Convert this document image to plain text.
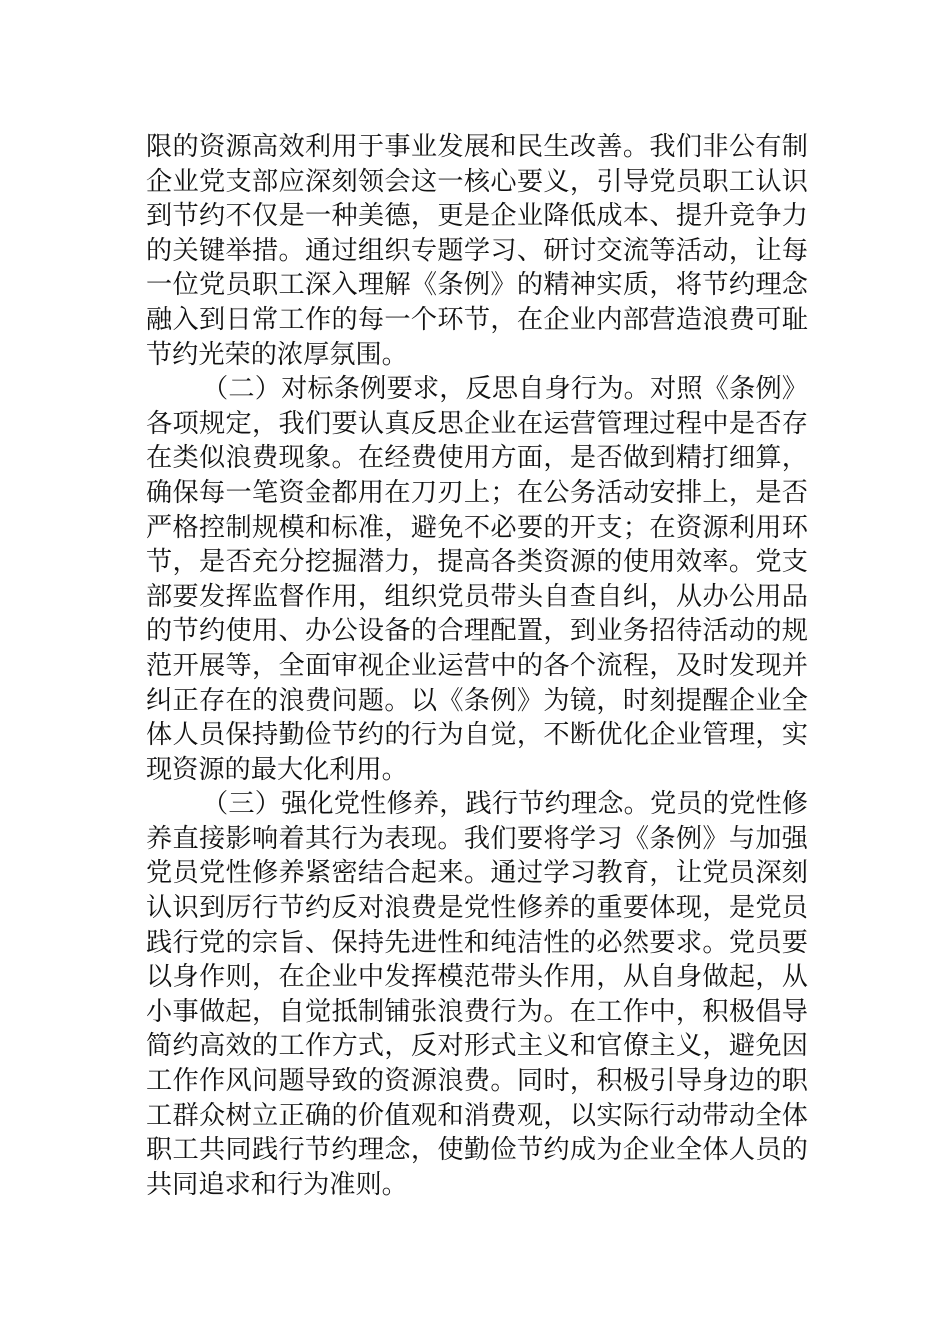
限的资源高效利用于事业发展和民生改善。我们非公有制企业党支部应深刻领会这一核心要义，引导党员职工认识到节约不仅是一种美德，更是企业降低成本、提升竞争力的关键举措。通过组织专题学习、研讨交流等活动，让每一位党员职工深入理解《条例》的精神实质，将节约理念融入到日常工作的每一个环节，在企业内部营造浪费可耻节约光荣的浓厚氛围。

（二）对标条例要求，反思自身行为。对照《条例》各项规定，我们要认真反思企业在运营管理过程中是否存在类似浪费现象。在经费使用方面，是否做到精打细算，确保每一笔资金都用在刀刃上；在公务活动安排上，是否严格控制规模和标准，避免不必要的开支；在资源利用环节，是否充分挖掘潜力，提高各类资源的使用效率。党支部要发挥监督作用，组织党员带头自查自纠，从办公用品的节约使用、办公设备的合理配置，到业务招待活动的规范开展等，全面审视企业运营中的各个流程，及时发现并纠正存在的浪费问题。以《条例》为镜，时刻提醒企业全体人员保持勤俭节约的行为自觉，不断优化企业管理，实现资源的最大化利用。

（三）强化党性修养，践行节约理念。党员的党性修养直接影响着其行为表现。我们要将学习《条例》与加强党员党性修养紧密结合起来。通过学习教育，让党员深刻认识到厉行节约反对浪费是党性修养的重要体现，是党员践行党的宗旨、保持先进性和纯洁性的必然要求。党员要以身作则，在企业中发挥模范带头作用，从自身做起，从小事做起，自觉抵制铺张浪费行为。在工作中，积极倡导简约高效的工作方式，反对形式主义和官僚主义，避免因工作作风问题导致的资源浪费。同时，积极引导身边的职工群众树立正确的价值观和消费观，以实际行动带动全体职工共同践行节约理念，使勤俭节约成为企业全体人员的共同追求和行为准则。
